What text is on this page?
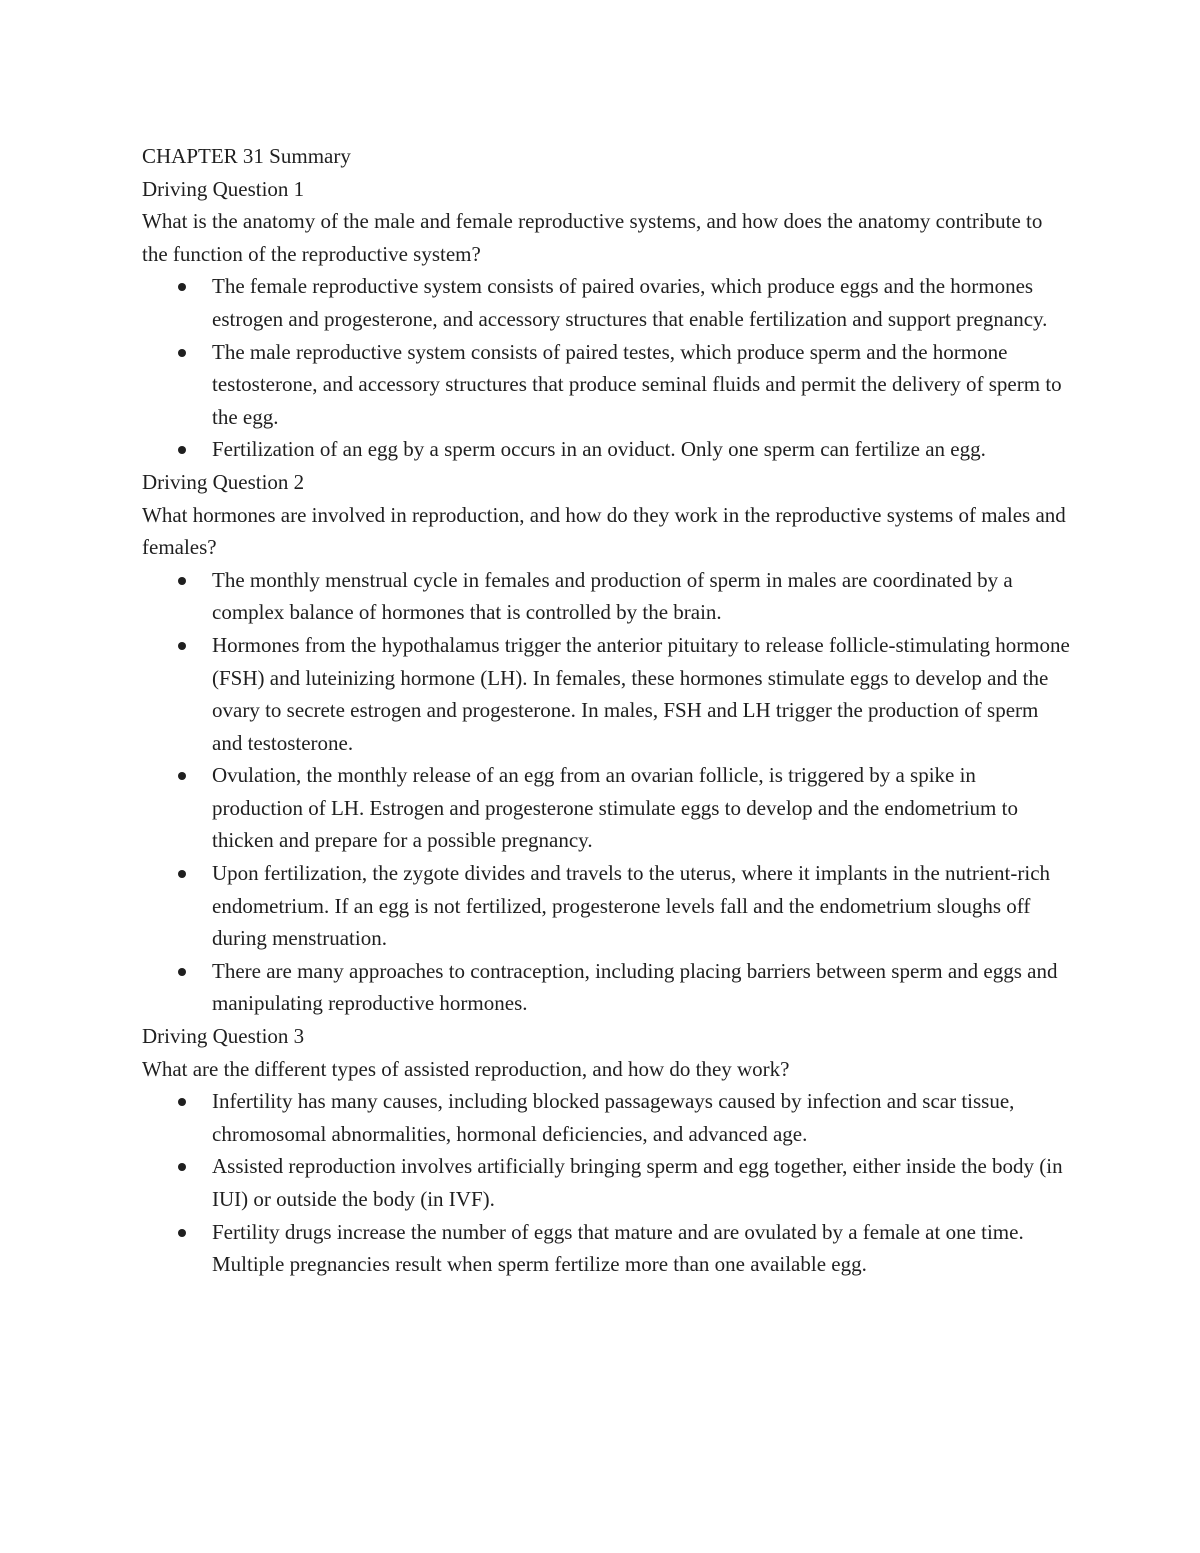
CHAPTER 31 Summary

Driving Question 1

What is the anatomy of the male and female reproductive systems, and how does the anatomy contribute to the function of the reproductive system?

The female reproductive system consists of paired ovaries, which produce eggs and the hormones estrogen and progesterone, and accessory structures that enable fertilization and support pregnancy.
The male reproductive system consists of paired testes, which produce sperm and the hormone testosterone, and accessory structures that produce seminal fluids and permit the delivery of sperm to the egg.
Fertilization of an egg by a sperm occurs in an oviduct. Only one sperm can fertilize an egg.

Driving Question 2

What hormones are involved in reproduction, and how do they work in the reproductive systems of males and females?

The monthly menstrual cycle in females and production of sperm in males are coordinated by a complex balance of hormones that is controlled by the brain.
Hormones from the hypothalamus trigger the anterior pituitary to release follicle-stimulating hormone (FSH) and luteinizing hormone (LH). In females, these hormones stimulate eggs to develop and the ovary to secrete estrogen and progesterone. In males, FSH and LH trigger the production of sperm and testosterone.
Ovulation, the monthly release of an egg from an ovarian follicle, is triggered by a spike in production of LH. Estrogen and progesterone stimulate eggs to develop and the endometrium to thicken and prepare for a possible pregnancy.
Upon fertilization, the zygote divides and travels to the uterus, where it implants in the nutrient-rich endometrium. If an egg is not fertilized, progesterone levels fall and the endometrium sloughs off during menstruation.
There are many approaches to contraception, including placing barriers between sperm and eggs and manipulating reproductive hormones.

Driving Question 3

What are the different types of assisted reproduction, and how do they work?

Infertility has many causes, including blocked passageways caused by infection and scar tissue, chromosomal abnormalities, hormonal deficiencies, and advanced age.
Assisted reproduction involves artificially bringing sperm and egg together, either inside the body (in IUI) or outside the body (in IVF).
Fertility drugs increase the number of eggs that mature and are ovulated by a female at one time. Multiple pregnancies result when sperm fertilize more than one available egg.
